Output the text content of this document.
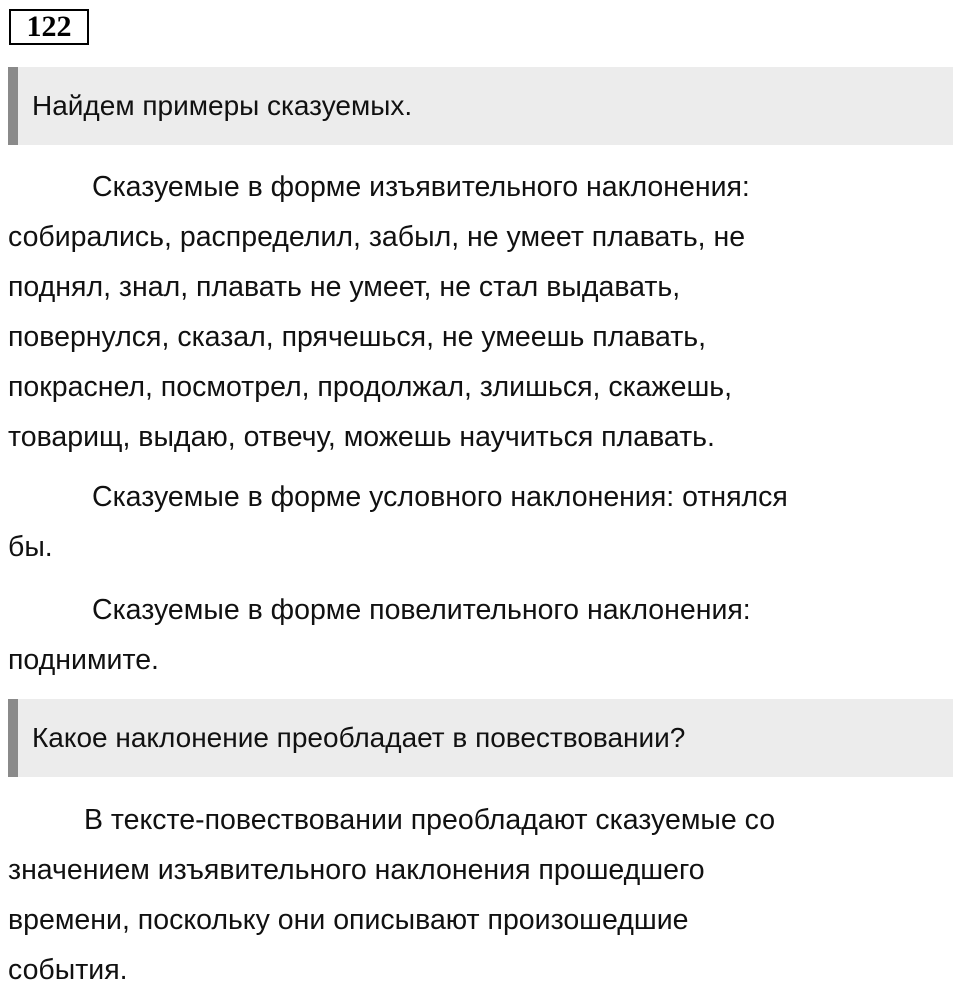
122
Найдем примеры сказуемых.
Сказуемые в форме изъявительного наклонения:
собирались, распределил, забыл, не умеет плавать, не
поднял, знал, плавать не умеет, не стал выдавать,
повернулся, сказал, прячешься, не умеешь плавать,
покраснел, посмотрел, продолжал, злишься, скажешь,
товарищ, выдаю, отвечу, можешь научиться плавать.
Сказуемые в форме условного наклонения: отнялся
бы.
Сказуемые в форме повелительного наклонения:
поднимите.
Какое наклонение преобладает в повествовании?
В тексте-повествовании преобладают сказуемые со
значением изъявительного наклонения прошедшего
времени, поскольку они описывают произошедшие
события.
